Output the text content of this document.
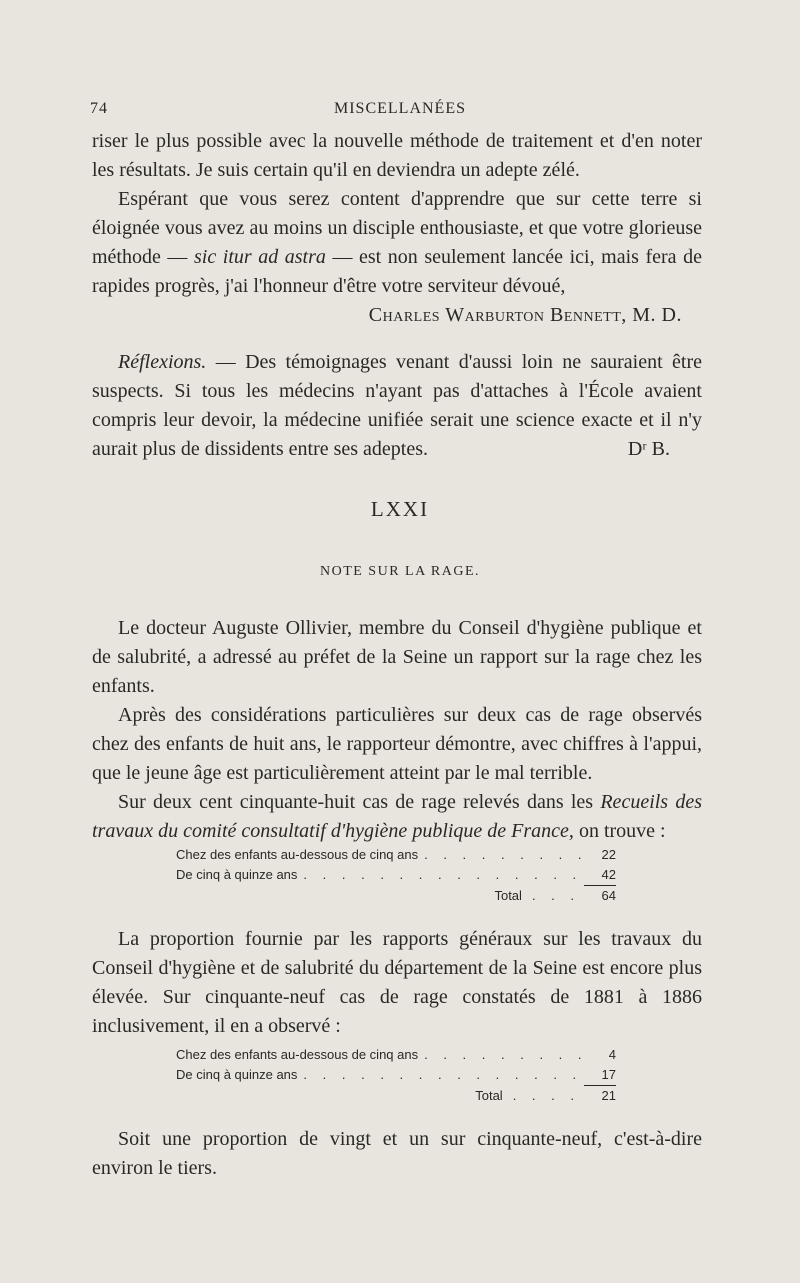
74	MISCELLANÉES

riser le plus possible avec la nouvelle méthode de traitement et d'en noter les résultats. Je suis certain qu'il en deviendra un adepte zélé.

Espérant que vous serez content d'apprendre que sur cette terre si éloignée vous avez au moins un disciple enthousiaste, et que votre glorieuse méthode — sic itur ad astra — est non seulement lancée ici, mais fera de rapides progrès, j'ai l'honneur d'être votre serviteur dévoué,

Charles Warburton Bennett, M. D.

Réflexions. — Des témoignages venant d'aussi loin ne sauraient être suspects. Si tous les médecins n'ayant pas d'attaches à l'École avaient compris leur devoir, la médecine unifiée serait une science exacte et il n'y aurait plus de dissidents entre ses adeptes.	Dʳ B.

LXXI
NOTE SUR LA RAGE.

Le docteur Auguste Ollivier, membre du Conseil d'hygiène publique et de salubrité, a adressé au préfet de la Seine un rapport sur la rage chez les enfants.

Après des considérations particulières sur deux cas de rage observés chez des enfants de huit ans, le rapporteur démontre, avec chiffres à l'appui, que le jeune âge est particulièrement atteint par le mal terrible.

Sur deux cent cinquante-huit cas de rage relevés dans les Recueils des travaux du comité consultatif d'hygiène publique de France, on trouve :

Chez des enfants au-dessous de cinq ans . . .	22
De cinq à quinze ans . . .	42
Total . . .	64

La proportion fournie par les rapports généraux sur les travaux du Conseil d'hygiène et de salubrité du département de la Seine est encore plus élevée. Sur cinquante-neuf cas de rage constatés de 1881 à 1886 inclusivement, il en a observé :

Chez des enfants au-dessous de cinq ans . . .	4
De cinq à quinze ans . . .	17
Total . . . .	21

Soit une proportion de vingt et un sur cinquante-neuf, c'est-à-dire environ le tiers.
